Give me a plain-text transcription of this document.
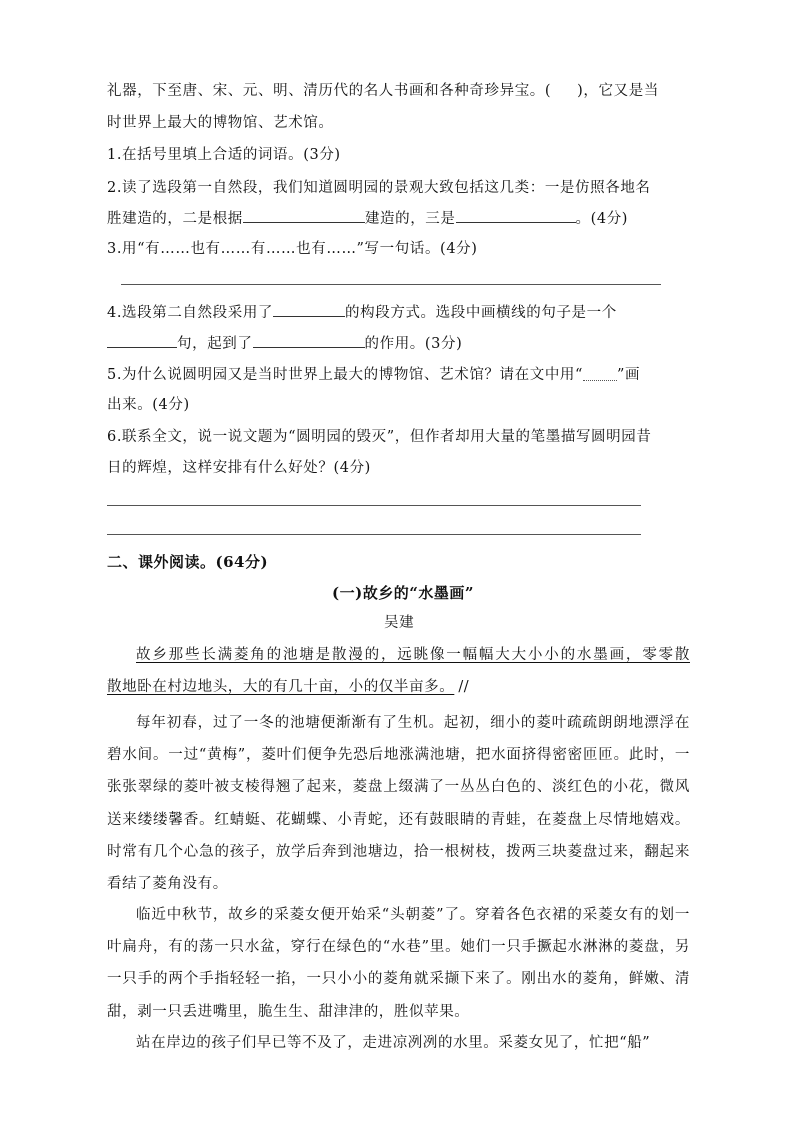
礼器，下至唐、宋、元、明、清历代的名人书画和各种奇珍异宝。( )，它又是当
时世界上最大的博物馆、艺术馆。
1.在括号里填上合适的词语。(3分)
2.读了选段第一自然段，我们知道圆明园的景观大致包括这几类：一是仿照各地名
胜建造的，二是根据	建造的，三是	。(4分)
3.用“有……也有……有……也有……”写一句话。(4分)
4.选段第二自然段采用了	的构段方式。选段中画横线的句子是一个
句，起到了	的作用。(3分)
5.为什么说圆明园又是当时世界上最大的博物馆、艺术馆？请在文中用“ ”画
出来。(4分)
6.联系全文，说一说文题为“圆明园的毁灭”，但作者却用大量的笔墨描写圆明园昔
日的辉煌，这样安排有什么好处？(4分)
二、课外阅读。(64分)
(一)故乡的“水墨画”
吴建
故乡那些长满菱角的池塘是散漫的，远眺像一幅幅大大小小的水墨画，零零散
散地卧在村边地头，大的有几十亩，小的仅半亩多。 //
每年初春，过了一冬的池塘便渐渐有了生机。起初，细小的菱叶疏疏朗朗地漂浮在碧水间。一过“黄梅”，菱叶们便争先恐后地涨满池塘，把水面挤得密密匝匝。此时，一张张翠绿的菱叶被支棱得翘了起来，菱盘上缀满了一丛丛白色的、淡红色的小花，微风送来缕缕馨香。红蜻蜓、花蝴蝶、小青蛇，还有鼓眼睛的青蛙，在菱盘上尽情地嬉戏。时常有几个心急的孩子，放学后奔到池塘边，拾一根树枝，拨两三块菱盘过来，翻起来看结了菱角没有。
临近中秋节，故乡的采菱女便开始采“头朝菱”了。穿着各色衣裙的采菱女有的划一叶扁舟，有的荡一只水盆，穿行在绿色的“水巷”里。她们一只手撅起水淋淋的菱盘，另一只手的两个手指轻轻一掐，一只小小的菱角就采撷下来了。刚出水的菱角，鲜嫩、清甜，剥一只丢进嘴里，脆生生、甜津津的，胜似苹果。
站在岸边的孩子们早已等不及了，走进凉冽冽的水里。采菱女见了，忙把“船”
